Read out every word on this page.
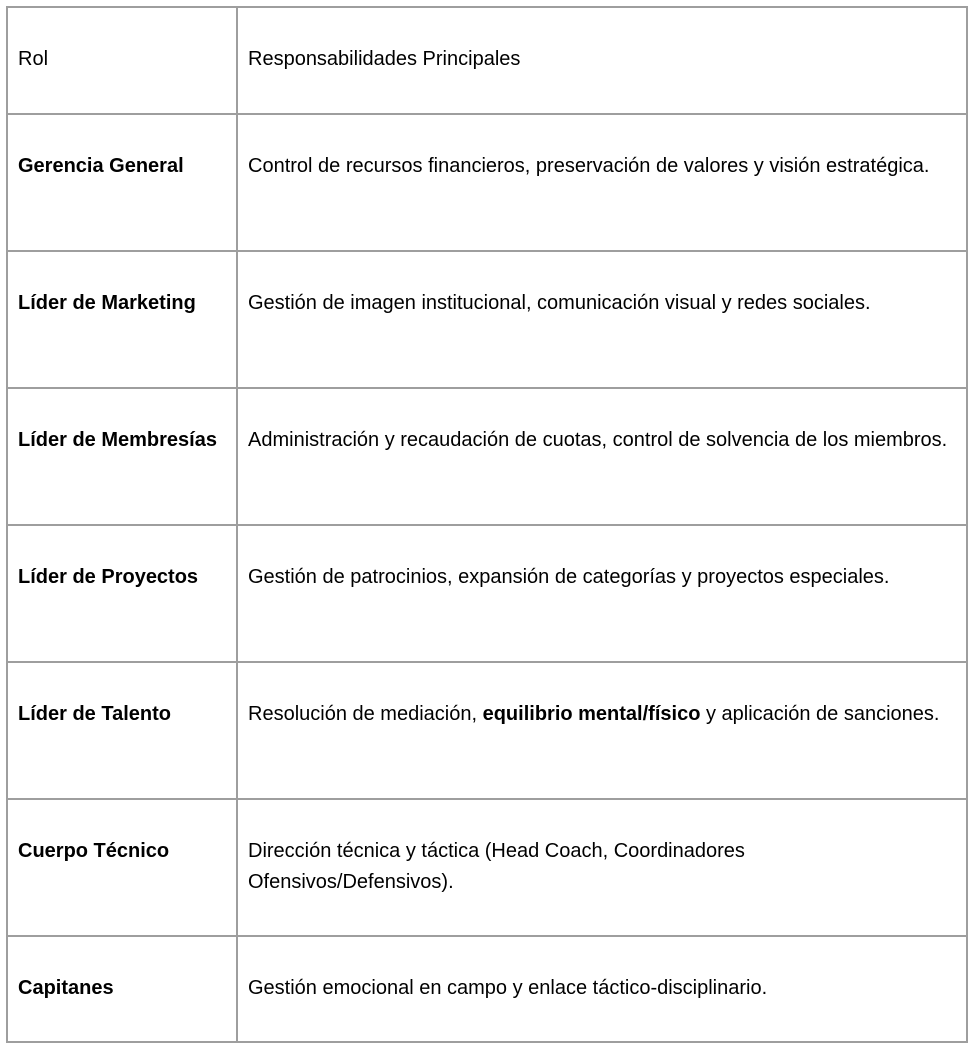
Rol	Responsabilidades Principales
Gerencia General	Control de recursos financieros, preservación de valores y visión estratégica.
Líder de Marketing	Gestión de imagen institucional, comunicación visual y redes sociales.
Líder de Membresías	Administración y recaudación de cuotas, control de solvencia de los miembros.
Líder de Proyectos	Gestión de patrocinios, expansión de categorías y proyectos especiales.
Líder de Talento	Resolución de mediación, equilibrio mental/físico y aplicación de sanciones.
Cuerpo Técnico	Dirección técnica y táctica (Head Coach, Coordinadores Ofensivos/Defensivos).
Capitanes	Gestión emocional en campo y enlace táctico-disciplinario.
